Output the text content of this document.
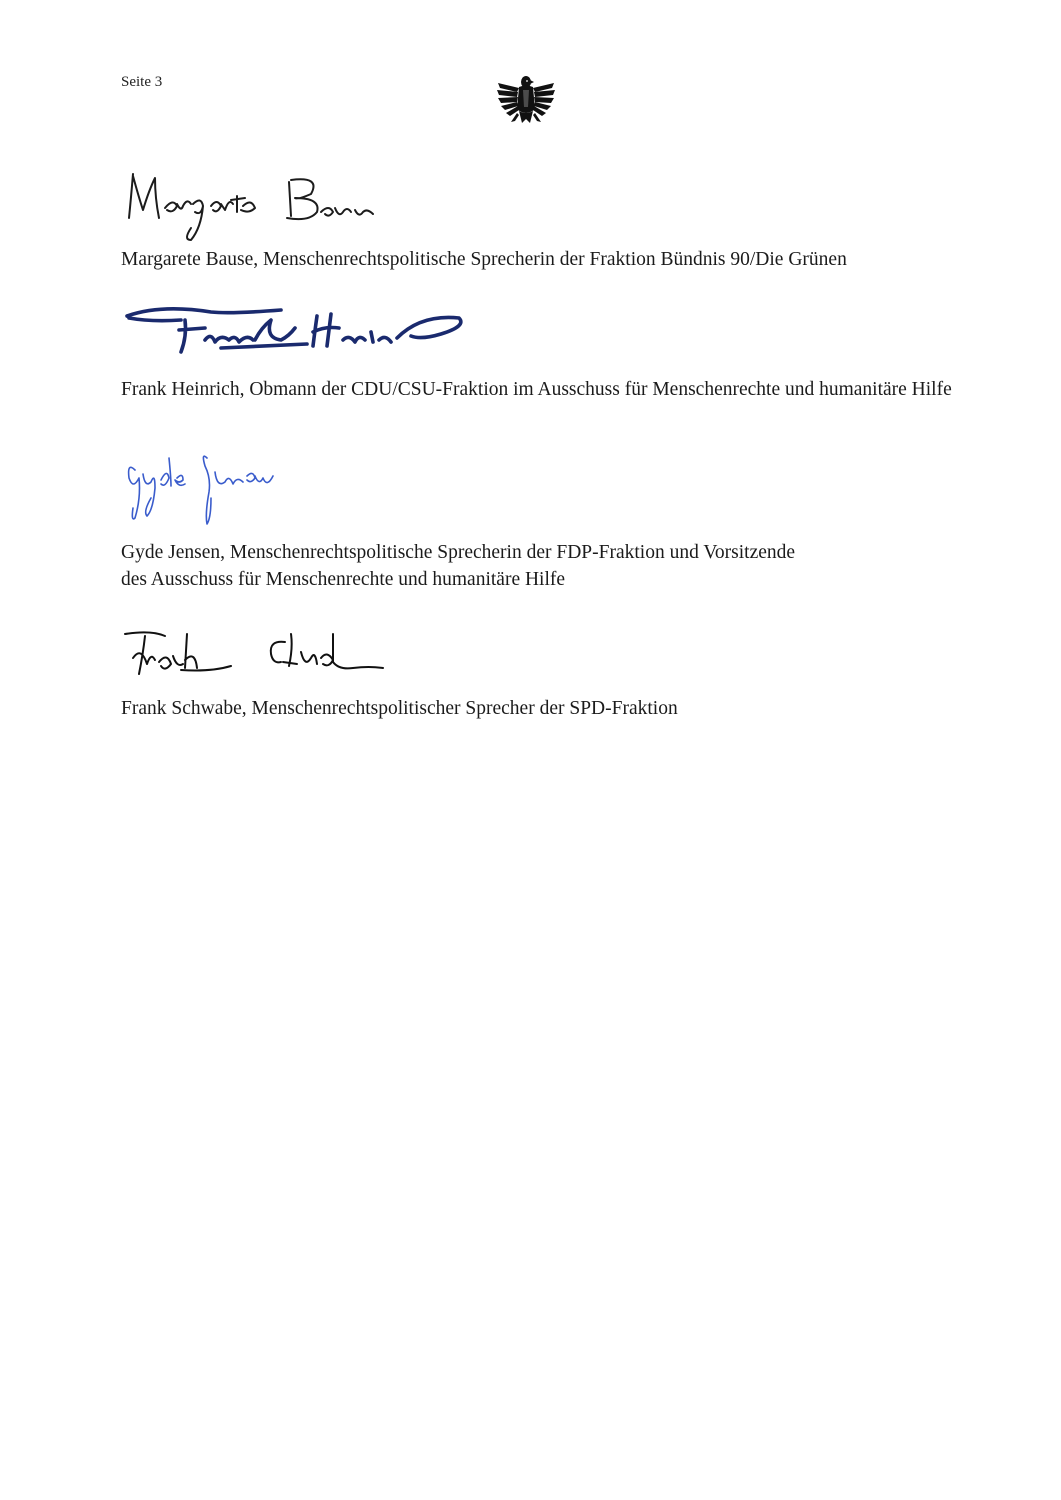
Seite 3

Margarete Bause, Menschenrechtspolitische Sprecherin der Fraktion Bündnis 90/Die Grünen

Frank Heinrich, Obmann der CDU/CSU-Fraktion im Ausschuss für Menschenrechte und humanitäre Hilfe

Gyde Jensen, Menschenrechtspolitische Sprecherin der FDP-Fraktion und Vorsitzende
des Ausschuss für Menschenrechte und humanitäre Hilfe

Frank Schwabe, Menschenrechtspolitischer Sprecher der SPD-Fraktion
